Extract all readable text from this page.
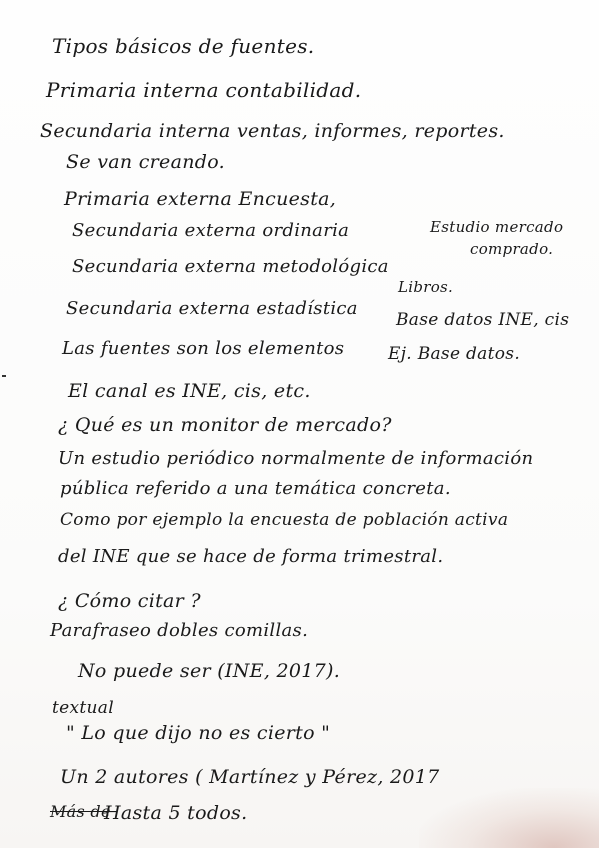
Tipos básicos de fuentes.
Primaria interna contabilidad.
Secundaria interna ventas, informes, reportes.
Se van creando.
Primaria externa Encuesta,
Secundaria externa ordinaria	Estudio mercado
comprado.
Secundaria externa metodológica
Libros.
Secundaria externa estadística
Base datos INE, cis
Las fuentes son los elementos	Ej. Base datos.
El canal es INE, cis, etc.
¿ Qué es un monitor de mercado?
Un estudio periódico normalmente de información
pública referido a una temática concreta.
Como por ejemplo la encuesta de población activa
del INE que se hace de forma trimestral.
¿ Cómo citar ?
Parafraseo dobles comillas.
No puede ser (INE, 2017).
textual
" Lo que dijo no es cierto "
Un 2 autores ( Martínez y Pérez, 2017
Más de
Hasta 5 todos.
